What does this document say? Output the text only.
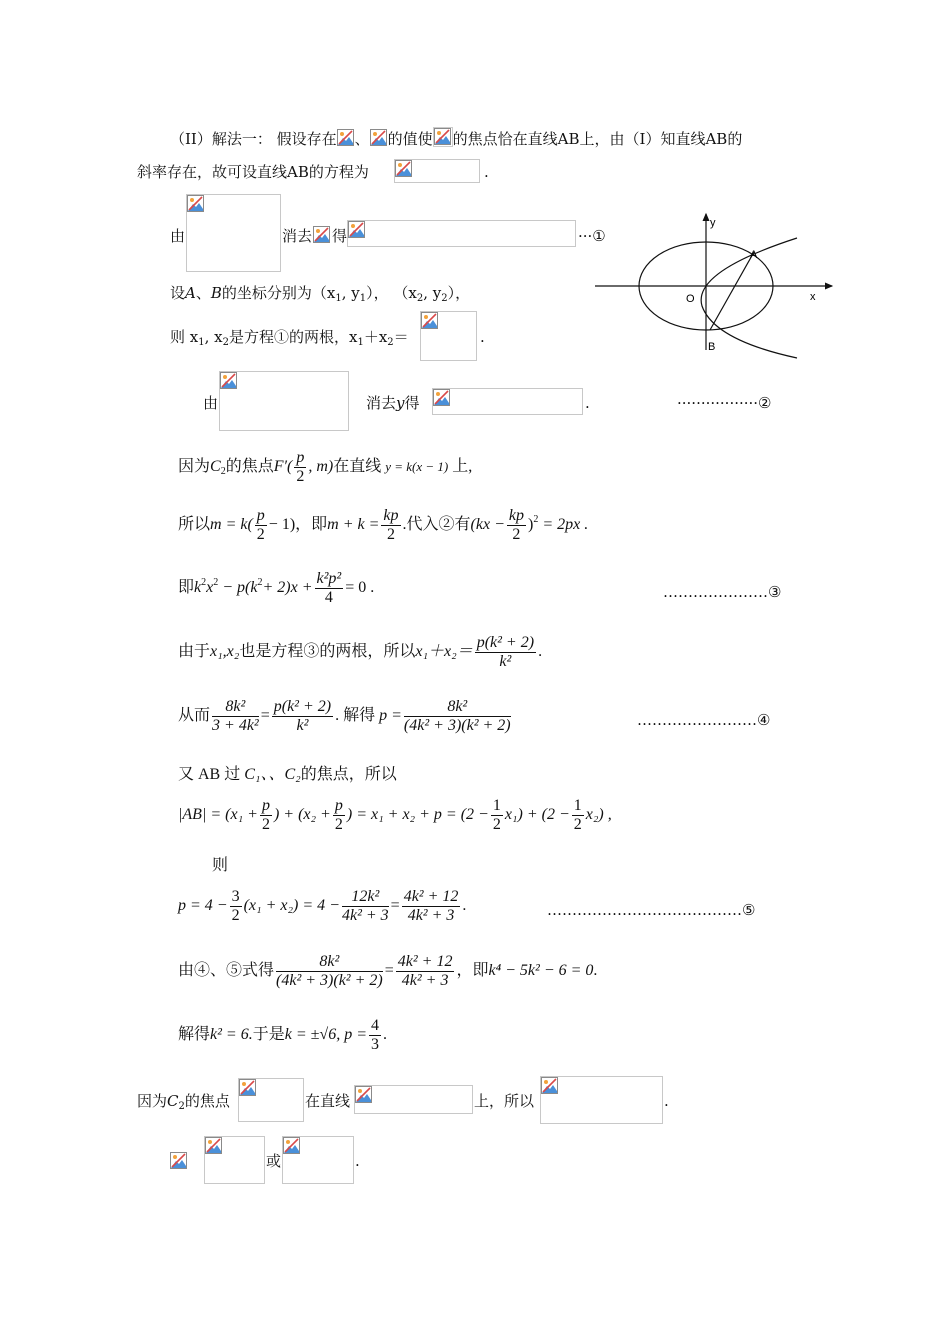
（II）解法一： 假设存在 、 的值使 的焦点恰在直线AB上，由（I）知直线AB的
斜率存在，故可设直线AB的方程为	.
由	消去 得	···①
y
x
O
A
B
设A、B的坐标分别为（$x_1$, $y_1$）， （$x_2$, $y_2$），
则 $x_1$, $x_2$是方程①的两根，$x_1+x_2=$	.
由	消去y得	.	·················②
因为$C_2$的焦点$F'( \frac{p}{2}$ , m)在直线 y = k(x − 1) 上,
所以$m = k( \frac{p}{2} - 1)$，即$m + k = \frac{kp}{2}$ .代入②有$(kx - \frac{kp}{2} )^2 = 2px$ .
即$k^2x^2 - p(k^2+ 2)x + \frac{\text{k²p²}}{4} = 0$ .	…………………③
由于x₁,x₂也是方程③的两根，所以$x_1+x_2= \frac{\text{p(k² + 2)}}{\text{k²}}$ .
从而 $\frac{\text{8k²}}{\text{3 + 4k²}} = \frac{\text{p(k² + 2)}}{\text{k²}}$ . 解得 $p = \frac{\text{8k²}}{\text{(4k² + 3)(k² + 2)}}$	……………………④
又 AB 过 C₁、、C₂的焦点，所以
$|AB| = (x_1 + \frac{p}{2}$ ) + ($x_2 + \frac{p}{2}$ ) = $x_1 + x_2 + p = (2 - \frac{1}{2} x_1) + (2 - \frac{1}{2} x_2)$ ,
则
$p = 4 - \frac{3}{2} (x_1 + x_2) = 4 - \frac{\text{12k²}}{\text{4k² + 3}} = \frac{\text{4k² + 12}}{\text{4k² + 3}}$ .	…………………………………⑤
由④、⑤式得 $\frac{\text{8k²}}{\text{(4k² + 3)(k² + 2)}} = \frac{\text{4k² + 12}}{\text{4k² + 3}}$ ，即k⁴ − 5k² − 6 = 0.
解得k² = 6.于是k = ±√6, $p = \frac{4}{3}$ .
因为$C_2$的焦点	在直线	上，所以	.
或	.
